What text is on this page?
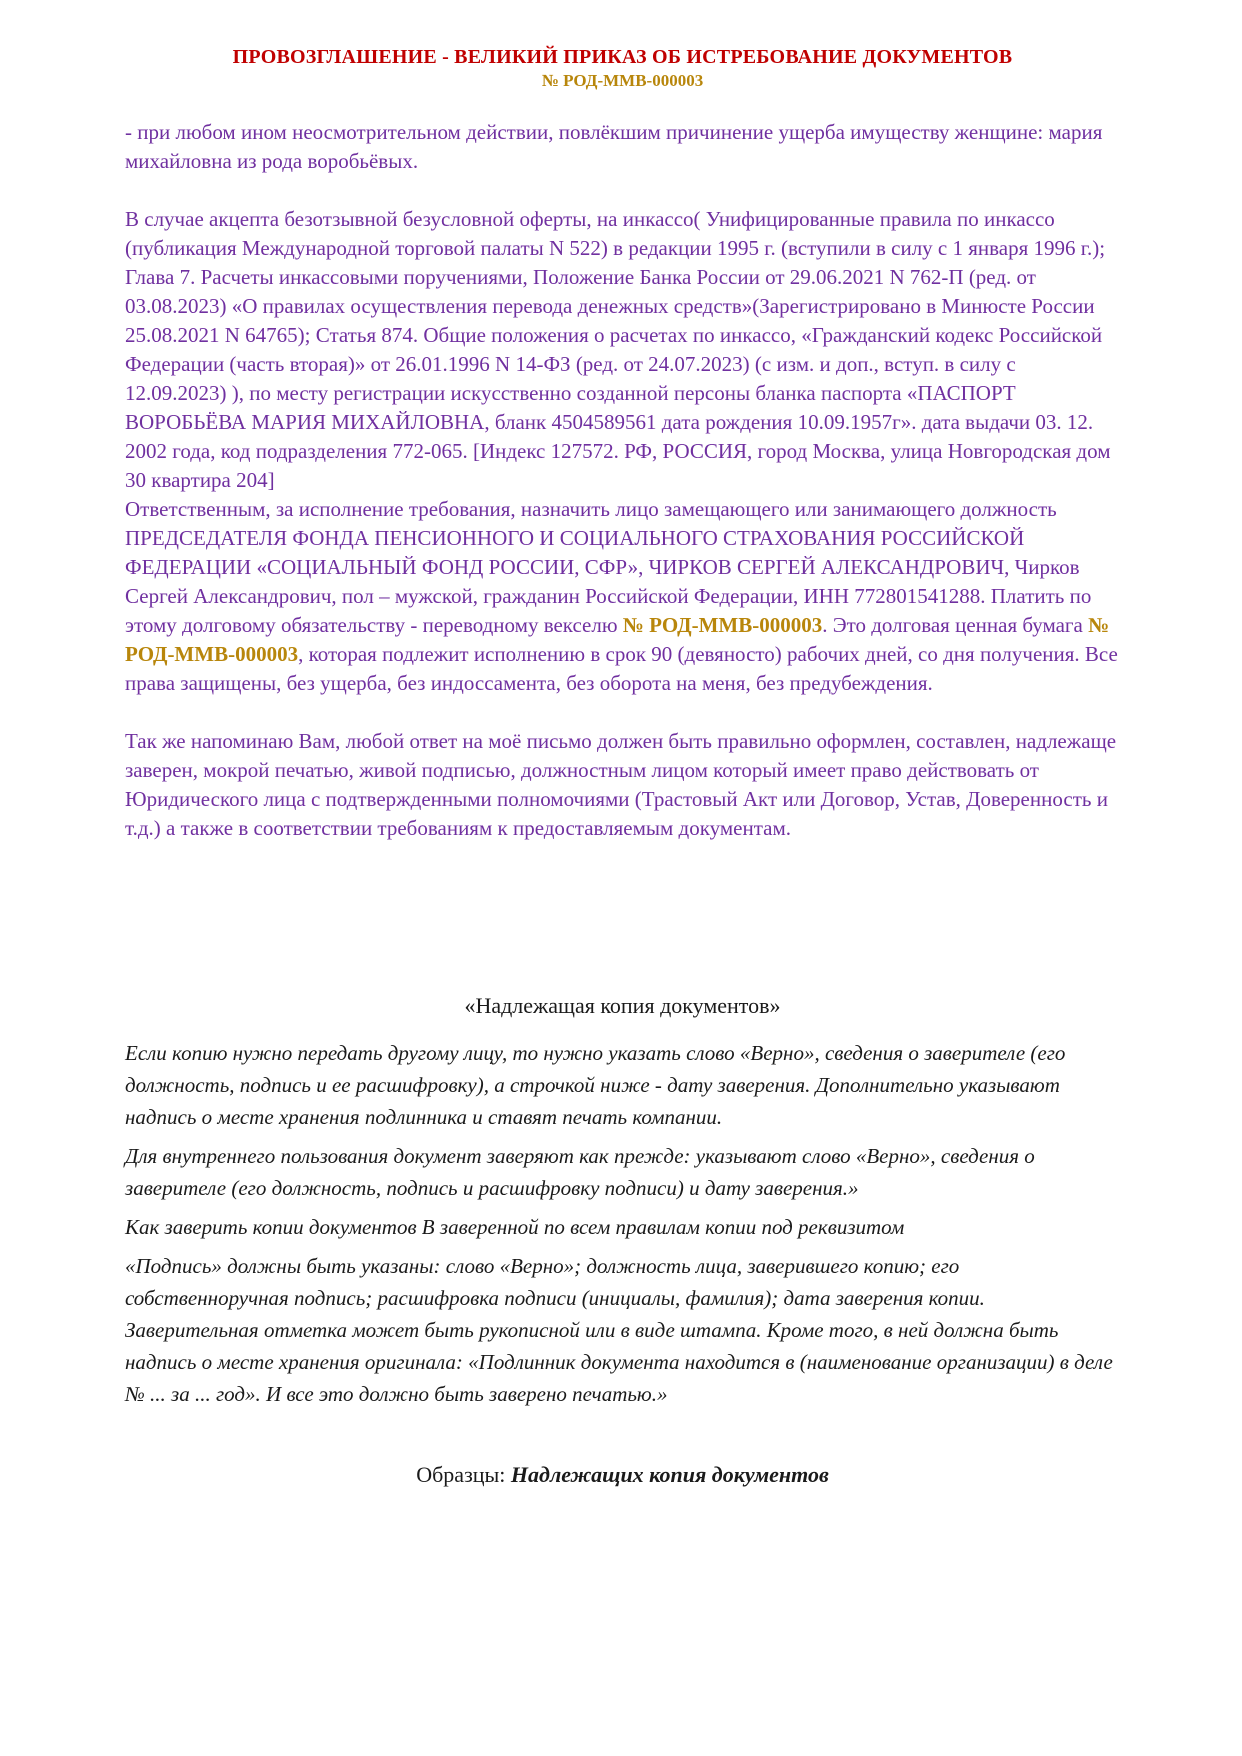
ПРОВОЗГЛАШЕНИЕ - ВЕЛИКИЙ ПРИКАЗ ОБ ИСТРЕБОВАНИЕ ДОКУМЕНТОВ
№ РОД-ММВ-000003

- при любом ином неосмотрительном действии, повлёкшим причинение ущерба имуществу женщине: мария михайловна из рода воробьёвых.

В случае акцепта безотзывной безусловной оферты, на инкассо( Унифицированные правила по инкассо (публикация Международной торговой палаты N 522) в редакции 1995 г. (вступили в силу с 1 января 1996 г.); Глава 7. Расчеты инкассовыми поручениями, Положение Банка России от 29.06.2021 N 762-П (ред. от 03.08.2023) «О правилах осуществления перевода денежных средств»(Зарегистрировано в Минюсте России 25.08.2021 N 64765); Статья 874. Общие положения о расчетах по инкассо, «Гражданский кодекс Российской Федерации (часть вторая)» от 26.01.1996 N 14-ФЗ (ред. от 24.07.2023) (с изм. и доп., вступ. в силу с 12.09.2023) ), по месту регистрации искусственно созданной персоны бланка паспорта «ПАСПОРТ ВОРОБЬЁВА МАРИЯ МИХАЙЛОВНА, бланк 4504589561 дата рождения 10.09.1957г». дата выдачи 03. 12. 2002 года, код подразделения 772-065. [Индекс 127572. РФ, РОССИЯ, город Москва, улица Новгородская дом 30 квартира 204]

Ответственным, за исполнение требования, назначить лицо замещающего или занимающего должность ПРЕДСЕДАТЕЛЯ ФОНДА ПЕНСИОННОГО И СОЦИАЛЬНОГО СТРАХОВАНИЯ РОССИЙСКОЙ ФЕДЕРАЦИИ «СОЦИАЛЬНЫЙ ФОНД РОССИИ, СФР», ЧИРКОВ СЕРГЕЙ АЛЕКСАНДРОВИЧ, Чирков Сергей Александрович, пол – мужской, гражданин Российской Федерации, ИНН 772801541288. Платить по этому долговому обязательству - переводному векселю № РОД-ММВ-000003. Это долговая ценная бумага № РОД-ММВ-000003, которая подлежит исполнению в срок 90 (девяносто) рабочих дней, со дня получения. Все права защищены, без ущерба, без индоссамента, без оборота на меня, без предубеждения.

Так же напоминаю Вам, любой ответ на моё письмо должен быть правильно оформлен, составлен, надлежаще заверен, мокрой печатью, живой подписью, должностным лицом который имеет право действовать от Юридического лица с подтвержденными полномочиями (Трастовый Акт или Договор, Устав, Доверенность и т.д.) а также в соответствии требованиям к предоставляемым документам.

«Надлежащая копия документов»

Если копию нужно передать другому лицу, то нужно указать слово «Верно», сведения о заверителе (его должность, подпись и ее расшифровку), а строчкой ниже - дату заверения. Дополнительно указывают надпись о месте хранения подлинника и ставят печать компании.

Для внутреннего пользования документ заверяют как прежде: указывают слово «Верно», сведения о заверителе (его должность, подпись и расшифровку подписи) и дату заверения.»

Как заверить копии документов В заверенной по всем правилам копии под реквизитом

«Подпись» должны быть указаны: слово «Верно»; должность лица, заверившего копию; его собственноручная подпись; расшифровка подписи (инициалы, фамилия); дата заверения копии. Заверительная отметка может быть рукописной или в виде штампа. Кроме того, в ней должна быть надпись о месте хранения оригинала: «Подлинник документа находится в (наименование организации) в деле № ... за ... год». И все это должно быть заверено печатью.»

Образцы: Надлежащих копия документов
